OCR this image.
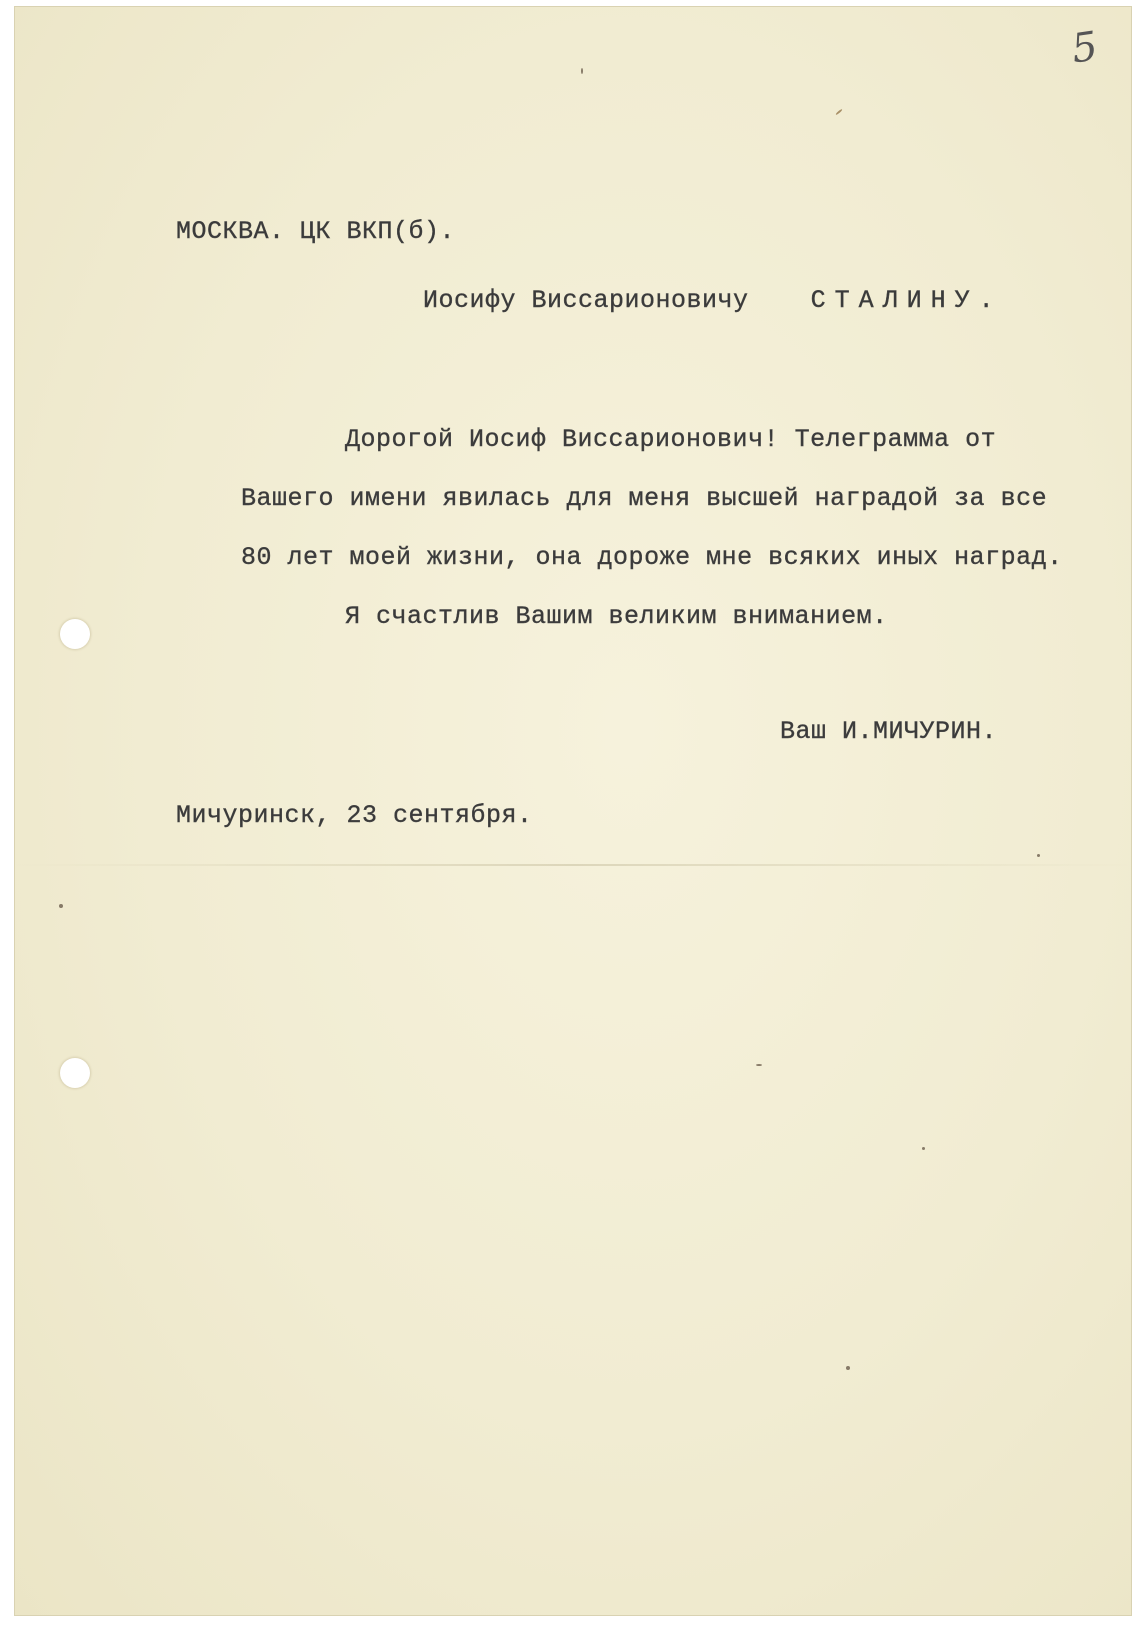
5
МОСКВА. ЦК ВКП(б).
Иосифу Виссарионовичу СТАЛИНУ.
Дорогой Иосиф Виссарионович! Телеграмма от
Вашего имени явилась для меня высшей наградой за все
80 лет моей жизни, она дороже мне всяких иных наград.
Я счастлив Вашим великим вниманием.
Ваш И.МИЧУРИН.
Мичуринск, 23 сентября.
